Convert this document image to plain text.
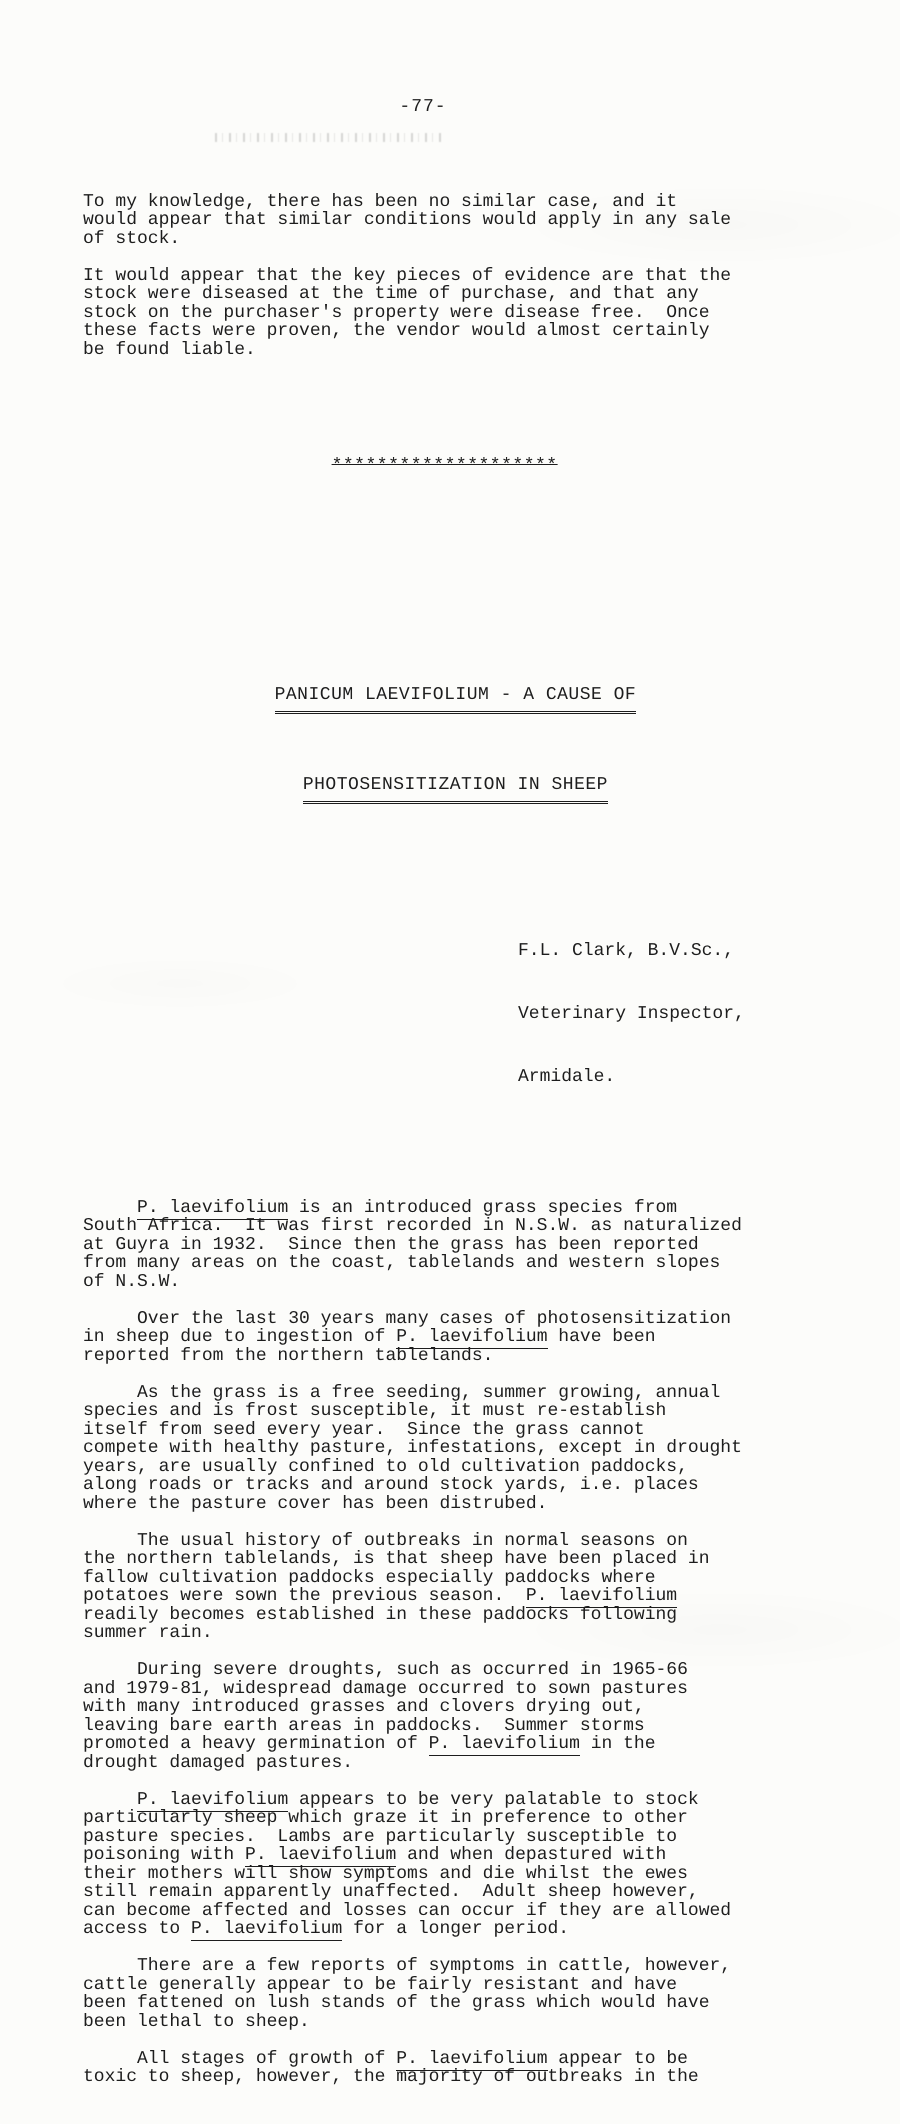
-77-

To my knowledge, there has been no similar case, and it
would appear that similar conditions would apply in any sale
of stock.
It would appear that the key pieces of evidence are that the
stock were diseased at the time of purchase, and that any
stock on the purchaser's property were disease free.  Once
these facts were proven, the vendor would almost certainly
be found liable.

********************

PANICUM LAEVIFOLIUM - A CAUSE OF

PHOTOSENSITIZATION IN SHEEP

F.L. Clark, B.V.Sc.,

Veterinary Inspector,

Armidale.

P. laevifolium is an introduced grass species from
South Africa.  It was first recorded in N.S.W. as naturalized
at Guyra in 1932.  Since then the grass has been reported
from many areas on the coast, tablelands and western slopes
of N.S.W.
Over the last 30 years many cases of photosensitization
in sheep due to ingestion of P. laevifolium have been
reported from the northern tablelands.
As the grass is a free seeding, summer growing, annual
species and is frost susceptible, it must re-establish
itself from seed every year.  Since the grass cannot
compete with healthy pasture, infestations, except in drought
years, are usually confined to old cultivation paddocks,
along roads or tracks and around stock yards, i.e. places
where the pasture cover has been distrubed.
The usual history of outbreaks in normal seasons on
the northern tablelands, is that sheep have been placed in
fallow cultivation paddocks especially paddocks where
potatoes were sown the previous season.  P. laevifolium
readily becomes established in these paddocks following
summer rain.
During severe droughts, such as occurred in 1965-66
and 1979-81, widespread damage occurred to sown pastures
with many introduced grasses and clovers drying out,
leaving bare earth areas in paddocks.  Summer storms
promoted a heavy germination of P. laevifolium in the
drought damaged pastures.
P. laevifolium appears to be very palatable to stock
particularly sheep which graze it in preference to other
pasture species.  Lambs are particularly susceptible to
poisoning with P. laevifolium and when depastured with
their mothers will show symptoms and die whilst the ewes
still remain apparently unaffected.  Adult sheep however,
can become affected and losses can occur if they are allowed
access to P. laevifolium for a longer period.
There are a few reports of symptoms in cattle, however,
cattle generally appear to be fairly resistant and have
been fattened on lush stands of the grass which would have
been lethal to sheep.
All stages of growth of P. laevifolium appear to be
toxic to sheep, however, the majority of outbreaks in the
